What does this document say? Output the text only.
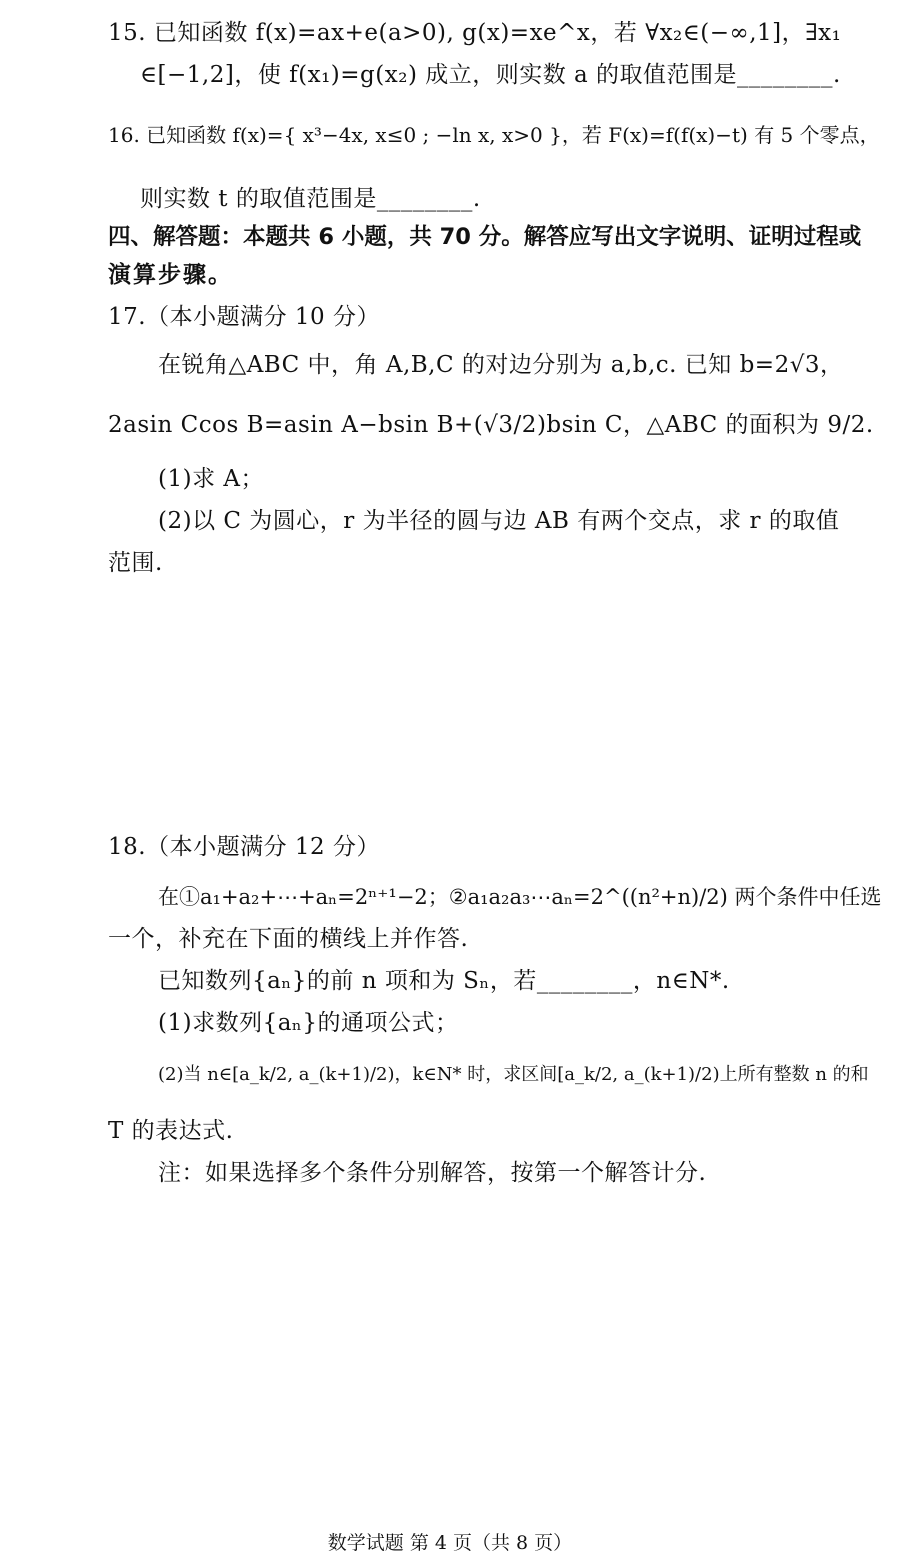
15. 已知函数 f(x)=ax+e(a>0), g(x)=xe^x，若 ∀x₂∈(−∞,1]，∃x₁
∈[−1,2]，使 f(x₁)=g(x₂) 成立，则实数 a 的取值范围是________.
16. 已知函数 f(x)={ x³−4x, x≤0 ; −ln x, x>0 }，若 F(x)=f(f(x)−t) 有 5 个零点，
则实数 t 的取值范围是________.
四、解答题：本题共 6 小题，共 70 分。解答应写出文字说明、证明过程或
演算步骤。
17.（本小题满分 10 分）
在锐角△ABC 中，角 A,B,C 的对边分别为 a,b,c. 已知 b=2√3，
2asin Ccos B=asin A−bsin B+(√3/2)bsin C，△ABC 的面积为 9/2.
(1)求 A；
(2)以 C 为圆心，r 为半径的圆与边 AB 有两个交点，求 r 的取值
范围.
18.（本小题满分 12 分）
在①a₁+a₂+⋯+aₙ=2ⁿ⁺¹−2；②a₁a₂a₃⋯aₙ=2^((n²+n)/2) 两个条件中任选
一个，补充在下面的横线上并作答.
已知数列{aₙ}的前 n 项和为 Sₙ，若________，n∈N*.
(1)求数列{aₙ}的通项公式；
(2)当 n∈[a_k/2, a_(k+1)/2)，k∈N* 时，求区间[a_k/2, a_(k+1)/2)上所有整数 n 的和
T 的表达式.
注：如果选择多个条件分别解答，按第一个解答计分.
数学试题 第 4 页（共 8 页）
